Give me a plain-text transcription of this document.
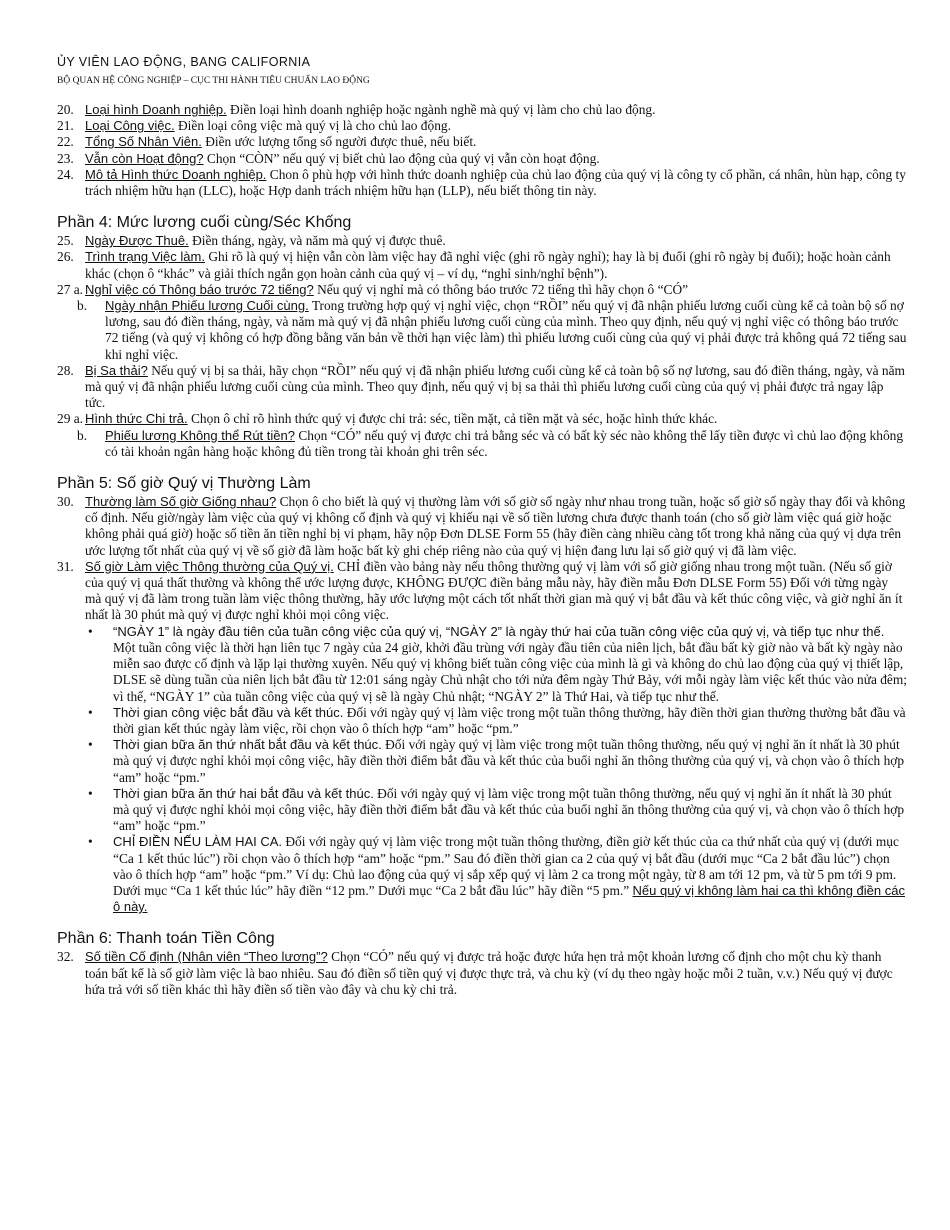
ỦY VIÊN LAO ĐỘNG, BANG CALIFORNIA
BỘ QUAN HỆ CÔNG NGHIỆP – CỤC THI HÀNH TIÊU CHUẨN LAO ĐỘNG
20. Loại hình Doanh nghiệp. Điền loại hình doanh nghiệp hoặc ngành nghề mà quý vị làm cho chủ lao động.
21. Loại Công việc. Điền loại công việc mà quý vị là cho chủ lao động.
22. Tổng Số Nhân Viên. Điền ước lượng tổng số người được thuê, nếu biết.
23. Vẫn còn Hoạt động? Chọn “CÒN” nếu quý vị biết chủ lao động của quý vị vẫn còn hoạt động.
24. Mô tả Hình thức Doanh nghiệp. Chon ô phù hợp với hình thức doanh nghiệp của chủ lao động của quý vị là công ty cổ phần, cá nhân, hùn hạp, công ty trách nhiệm hữu hạn (LLC), hoặc Hợp danh trách nhiệm hữu hạn (LLP), nếu biết thông tin này.
Phần 4: Mức lương cuối cùng/Séc Khống
25. Ngày Được Thuê. Điền tháng, ngày, và năm mà quý vị được thuê.
26. Trình trạng Việc làm. Ghi rõ là quý vị hiện vẫn còn làm việc hay đã nghỉ việc (ghi rõ ngày nghỉ); hay là bị đuổi (ghi rõ ngày bị đuổi); hoặc hoàn cảnh khác (chọn ô “khác” và giải thích ngắn gọn hoàn cảnh của quý vị – ví dụ, “nghỉ sinh/nghỉ bệnh”).
27 a. Nghỉ việc có Thông báo trước 72 tiếng? Nếu quý vị nghỉ mà có thông báo trước 72 tiếng thì hãy chọn ô “CÓ”
b. Ngày nhận Phiếu lương Cuối cùng. Trong trường hợp quý vị nghỉ việc, chọn “RỒI” nếu quý vị đã nhận phiếu lương cuối cùng kể cả toàn bộ số nợ lương, sau đó điền tháng, ngày, và năm mà quý vị đã nhận phiếu lương cuối cùng của mình. Theo quy định, nếu quý vị nghỉ việc có thông báo trước 72 tiếng (và quý vị không có hợp đồng bằng văn bản về thời hạn việc làm) thì phiếu lương cuối cùng của quý vị phải được trả không quá 72 tiếng sau khi nghỉ việc.
28. Bị Sa thải? Nếu quý vị bị sa thải, hãy chọn “RỒI” nếu quý vị đã nhận phiếu lương cuối cùng kể cả toàn bộ số nợ lương, sau đó điền tháng, ngày, và năm mà quý vị đã nhận phiếu lương cuối cùng của mình. Theo quy định, nếu quý vị bị sa thải thì phiếu lương cuối cùng của quý vị phải được trả ngay lập tức.
29 a. Hình thức Chi trả. Chọn ô chỉ rõ hình thức quý vị được chi trả: séc, tiền mặt, cả tiền mặt và séc, hoặc hình thức khác.
b. Phiếu lương Không thể Rút tiền? Chọn “CÓ” nếu quý vị được chi trả bằng séc và có bất kỳ séc nào không thể lấy tiền được vì chủ lao động không có tài khoản ngân hàng hoặc không đủ tiền trong tài khoản ghi trên séc.
Phần 5: Số giờ Quý vị Thường Làm
30. Thường làm Số giờ Giống nhau? Chọn ô cho biết là quý vị thường làm với số giờ số ngày như nhau trong tuần, hoặc số giờ số ngày thay đổi và không cố định. Nếu giờ/ngày làm việc của quý vị không cố định và quý vị khiếu nại về số tiền lương chưa được thanh toán (cho số giờ làm việc quá giờ hoặc không phải quá giờ) hoặc số tiền ăn tiền nghỉ bị vi phạm, hãy nộp Đơn DLSE Form 55 (hãy điền càng nhiều càng tốt trong khả năng của quý vị dựa trên ước lượng tốt nhất của quý vị về số giờ đã làm hoặc bất kỳ ghi chép riêng nào của quý vị hiện đang lưu lại số giờ quý vị đã làm việc.
31. Số giờ Làm việc Thông thường của Quý vị. CHỈ điền vào bảng này nếu thông thường quý vị làm với số giờ giống nhau trong một tuần. (Nếu số giờ của quý vị quá thất thường và không thể ước lượng được, KHÔNG ĐƯỢC điền bảng mẫu này, hãy điền mẫu Đơn DLSE Form 55) Đối với từng ngày mà quý vị đã làm trong tuần làm việc thông thường, hãy ước lượng một cách tốt nhất thời gian mà quý vị bắt đầu và kết thúc công việc, và giờ nghỉ ăn ít nhất là 30 phút mà quý vị được nghỉ khỏi mọi công việc.
• “NGÀY 1” là ngày đầu tiên của tuần công việc của quý vị, “NGÀY 2” là ngày thứ hai của tuần công việc của quý vị, và tiếp tục như thế. Một tuần công việc là thời hạn liên tục 7 ngày của 24 giờ, khởi đầu trùng với ngày đầu tiên của niên lịch, bắt đầu bất kỳ giờ nào và bất kỳ ngày nào miễn sao được cố định và lặp lại thường xuyên. Nếu quý vị không biết tuần công việc của mình là gì và không do chủ lao động của quý vị thiết lập, DLSE sẽ dùng tuần của niên lịch bắt đầu từ 12:01 sáng ngày Chủ nhật cho tới nửa đêm ngày Thứ Bảy, với mỗi ngày làm việc kết thúc vào nửa đêm; vì thế, “NGÀY 1” của tuần công việc của quý vị sẽ là ngày Chủ nhật; “NGÀY 2” là Thứ Hai, và tiếp tục như thế.
• Thời gian công việc bắt đầu và kết thúc. Đối với ngày quý vị làm việc trong một tuần thông thường, hãy điền thời gian thường thường bắt đầu và thời gian kết thúc ngày làm việc, rồi chọn vào ô thích hợp “am” hoặc “pm.”
• Thời gian bữa ăn thứ nhất bắt đầu và kết thúc. Đối với ngày quý vị làm việc trong một tuần thông thường, nếu quý vị nghỉ ăn ít nhất là 30 phút mà quý vị được nghỉ khỏi mọi công việc, hãy điền thời điểm bắt đầu và kết thúc của buổi nghỉ ăn thông thường của quý vị, và chọn vào ô thích hợp “am” hoặc “pm.”
• Thời gian bữa ăn thứ hai bắt đầu và kết thúc. Đối với ngày quý vị làm việc trong một tuần thông thường, nếu quý vị nghỉ ăn ít nhất là 30 phút mà quý vị được nghỉ khỏi mọi công việc, hãy điền thời điểm bắt đầu và kết thúc của buổi nghỉ ăn thông thường của quý vị, và chọn vào ô thích hợp “am” hoặc “pm.”
• CHỈ ĐIỀN NẾU LÀM HAI CA. Đối với ngày quý vị làm việc trong một tuần thông thường, điền giờ kết thúc của ca thứ nhất của quý vị (dưới mục “Ca 1 kết thúc lúc”) rồi chọn vào ô thích hợp “am” hoặc “pm.” Sau đó điền thời gian ca 2 của quý vị bắt đầu (dưới mục “Ca 2 bắt đầu lúc”) chọn vào ô thích hợp “am” hoặc “pm.” Ví dụ: Chủ lao động của quý vị sắp xếp quý vị làm 2 ca trong một ngày, từ 8 am tới 12 pm, và từ 5 pm tới 9 pm. Dưới mục “Ca 1 kết thúc lúc” hãy điền “12 pm.” Dưới mục “Ca 2 bắt đầu lúc” hãy điền “5 pm.” Nếu quý vị không làm hai ca thì không điền các ô này.
Phần 6: Thanh toán Tiền Công
32. Số tiền Cố định (Nhân viên “Theo lương”? Chọn “CÓ” nếu quý vị được trả hoặc được hứa hẹn trả một khoản lương cố định cho một chu kỳ thanh toán bất kể là số giờ làm việc là bao nhiêu. Sau đó điền số tiền quý vị được thực trả, và chu kỳ (ví dụ theo ngày hoặc mỗi 2 tuần, v.v.) Nếu quý vị được hứa trả với số tiền khác thì hãy điền số tiền vào đây và chu kỳ chi trả.
